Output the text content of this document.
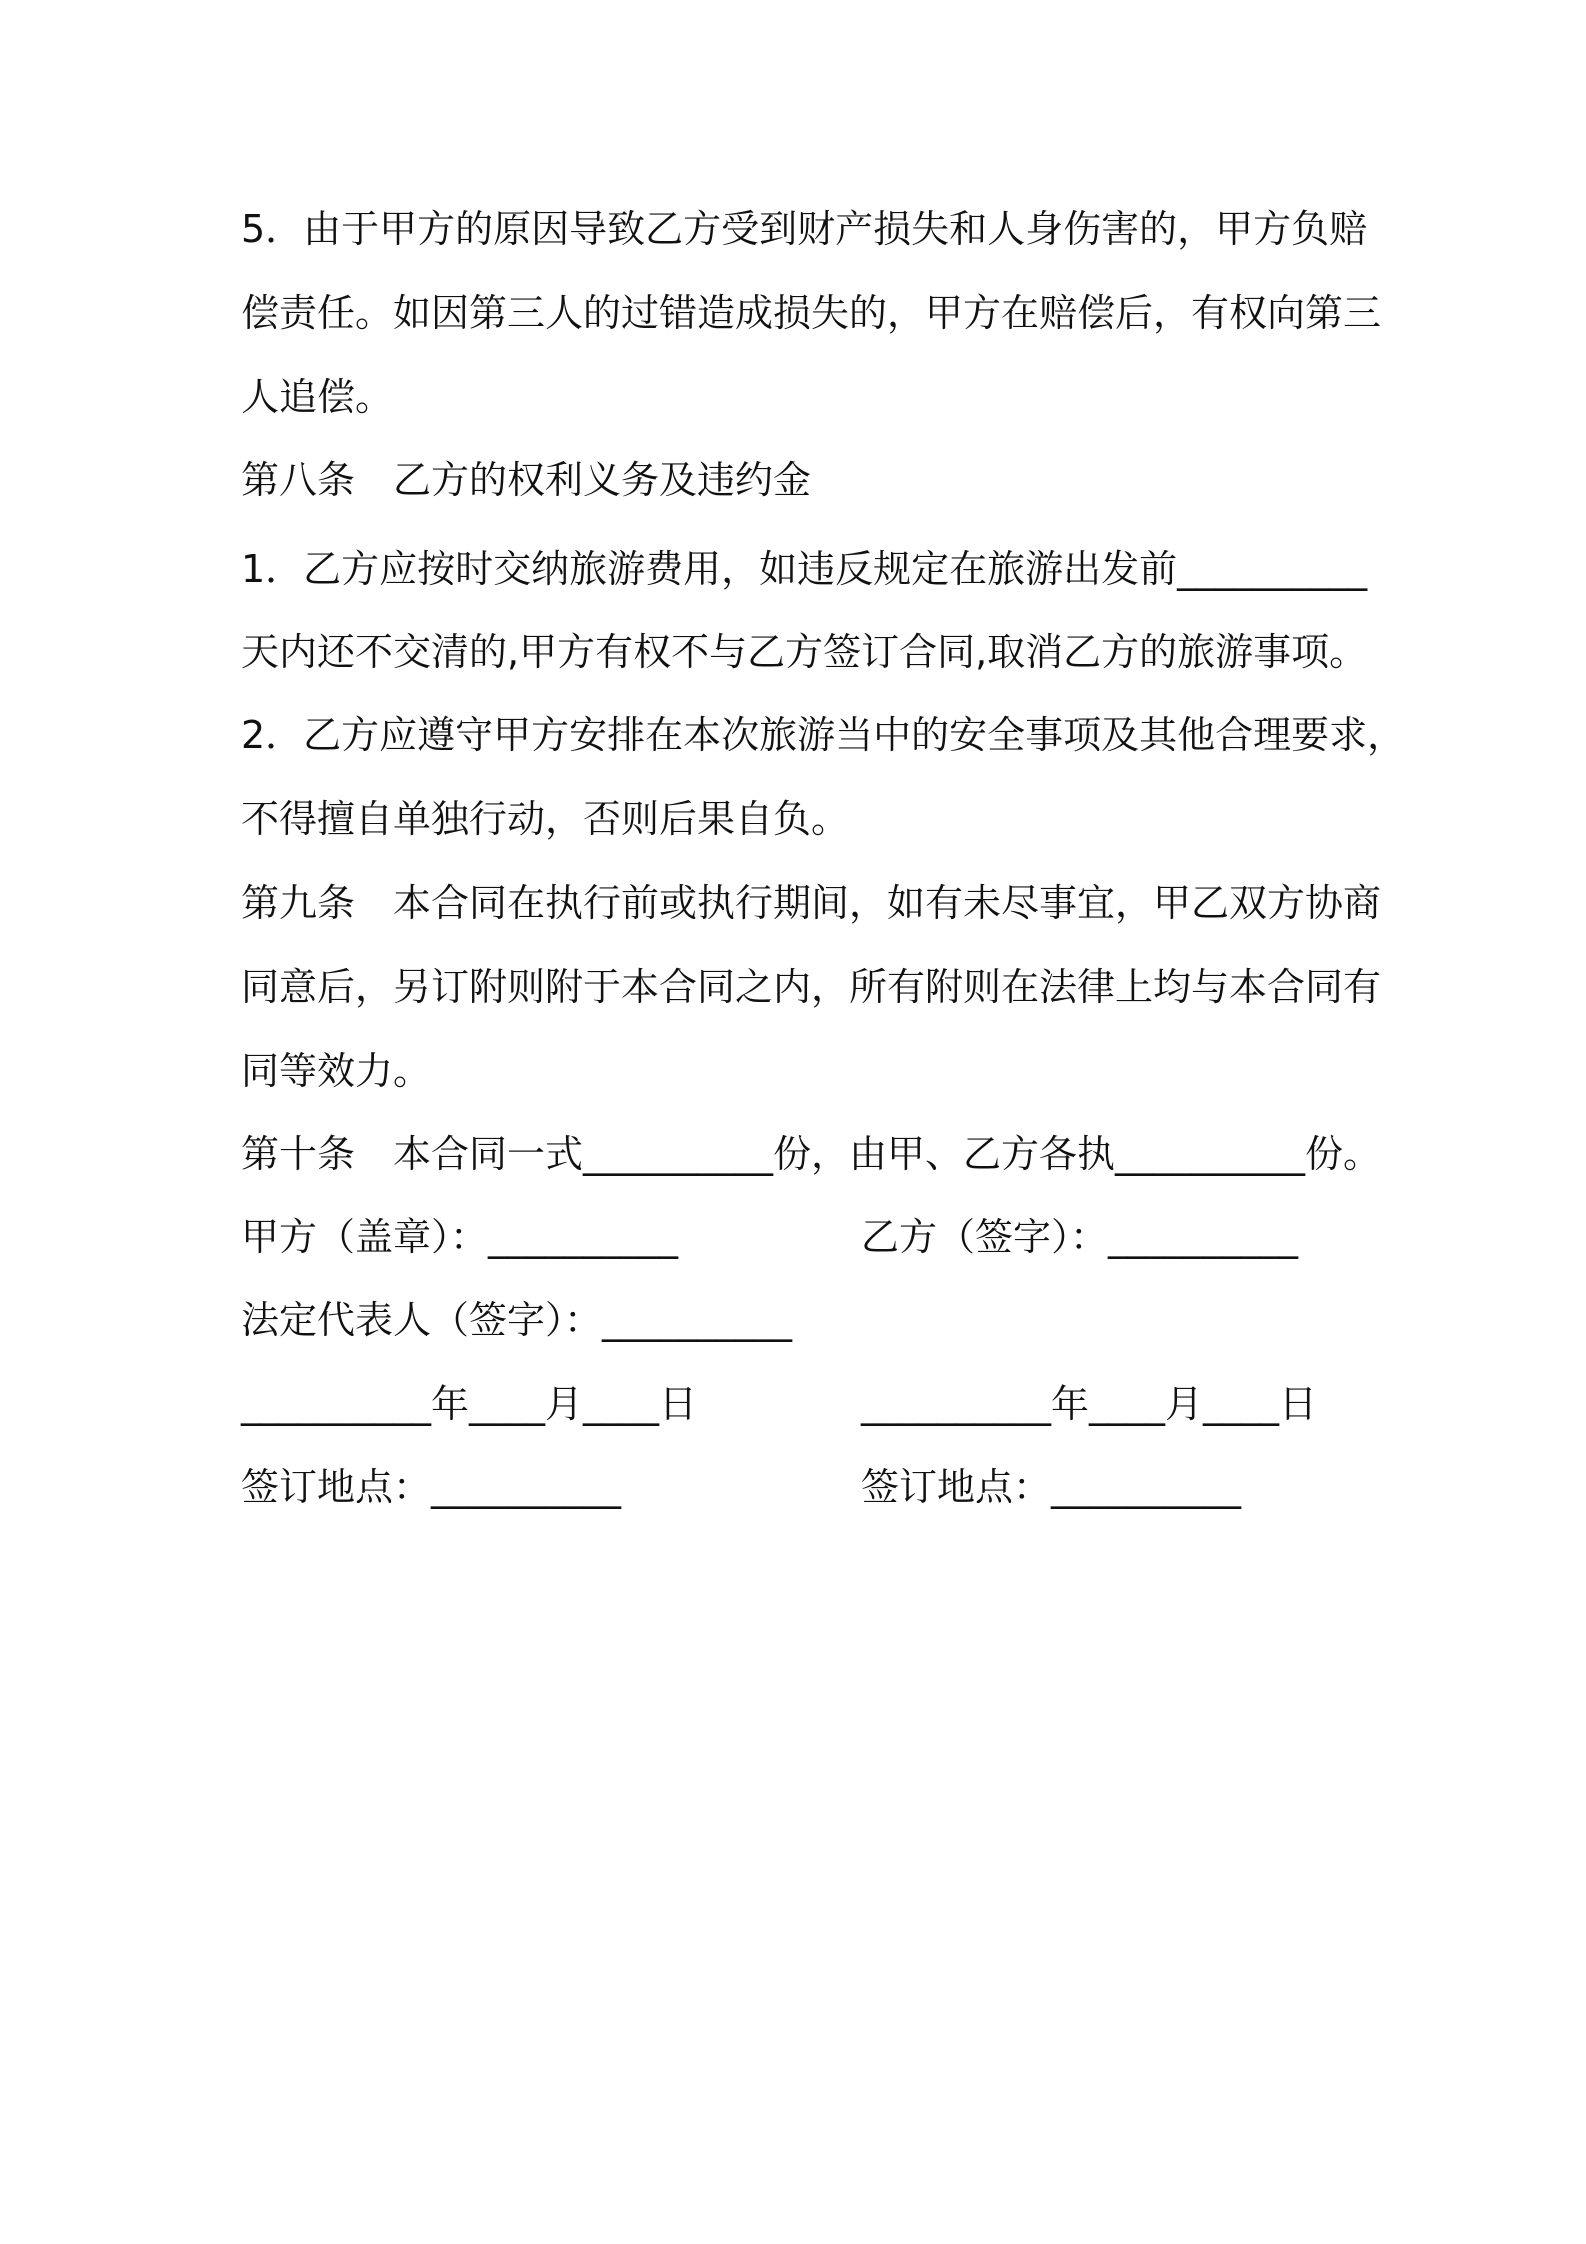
5．由于甲方的原因导致乙方受到财产损失和人身伤害的，甲方负赔
偿责任。如因第三人的过错造成损失的，甲方在赔偿后，有权向第三
人追偿。
第八条　乙方的权利义务及违约金
1．乙方应按时交纳旅游费用，如违反规定在旅游出发前__________
天内还不交清的,甲方有权不与乙方签订合同,取消乙方的旅游事项。
2．乙方应遵守甲方安排在本次旅游当中的安全事项及其他合理要求，
不得擅自单独行动，否则后果自负。
第九条　本合同在执行前或执行期间，如有未尽事宜，甲乙双方协商
同意后，另订附则附于本合同之内，所有附则在法律上均与本合同有
同等效力。
第十条　本合同一式__________份，由甲、乙方各执__________份。
甲方（盖章）：__________	乙方（签字）：__________
法定代表人（签字）：__________
__________年____月____日	__________年____月____日
签订地点：__________	签订地点：__________
